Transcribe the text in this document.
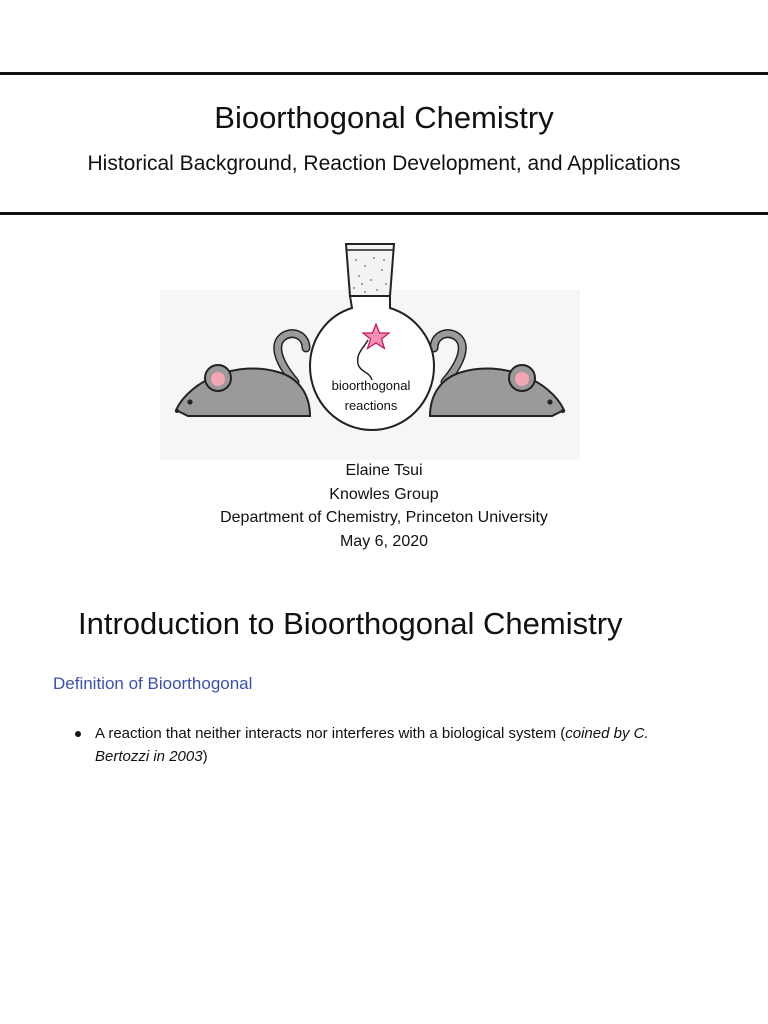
Bioorthogonal Chemistry
Historical Background, Reaction Development, and Applications
bioorthogonal
reactions
Elaine Tsui
Knowles Group
Department of Chemistry, Princeton University
May 6, 2020
Introduction to Bioorthogonal Chemistry
Definition of Bioorthogonal
A reaction that neither interacts nor interferes with a biological system (coined by C. Bertozzi in 2003)
